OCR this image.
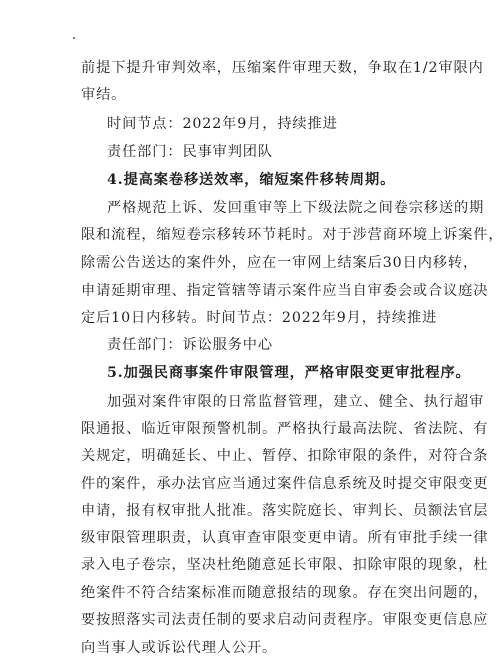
前提下提升审判效率，压缩案件审理天数，争取在1/2审限内
审结。
时间节点：2022年9月，持续推进
责任部门：民事审判团队
4.提高案卷移送效率，缩短案件移转周期。
严格规范上诉、发回重审等上下级法院之间卷宗移送的期
限和流程，缩短卷宗移转环节耗时。对于涉营商环境上诉案件，
除需公告送达的案件外，应在一审网上结案后30日内移转，
申请延期审理、指定管辖等请示案件应当自审委会或合议庭决
定后10日内移转。时间节点：2022年9月，持续推进
责任部门：诉讼服务中心
5.加强民商事案件审限管理，严格审限变更审批程序。
加强对案件审限的日常监督管理，建立、健全、执行超审
限通报、临近审限预警机制。严格执行最高法院、省法院、有
关规定，明确延长、中止、暂停、扣除审限的条件，对符合条
件的案件，承办法官应当通过案件信息系统及时提交审限变更
申请，报有权审批人批准。落实院庭长、审判长、员额法官层
级审限管理职责，认真审查审限变更申请。所有审批手续一律
录入电子卷宗，坚决杜绝随意延长审限、扣除审限的现象，杜
绝案件不符合结案标准而随意报结的现象。存在突出问题的，
要按照落实司法责任制的要求启动问责程序。审限变更信息应
向当事人或诉讼代理人公开。
